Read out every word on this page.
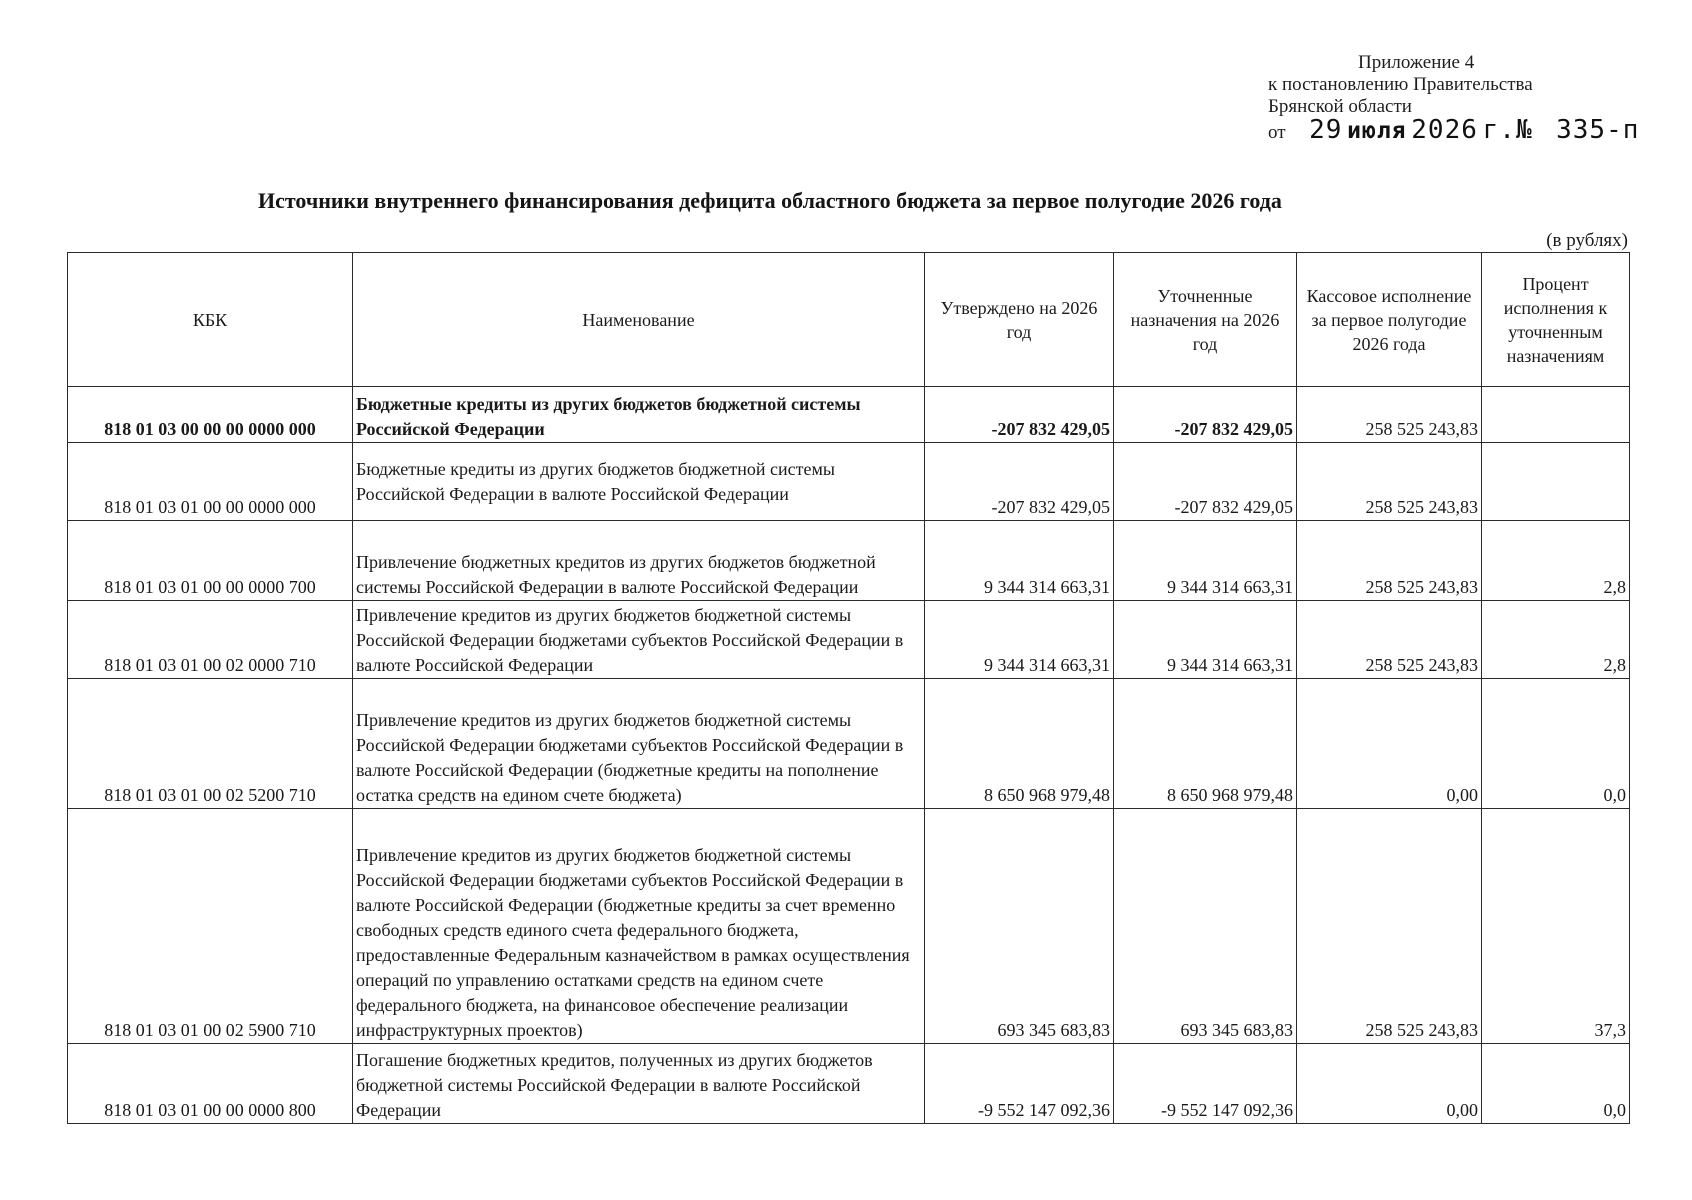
Приложение 4
к постановлению Правительства
Брянской области
от 29 июля 2026 г.№ 335-п
Источники внутреннего финансирования дефицита областного бюджета за первое полугодие 2026 года
(в рублях)
КБК	Наименование	Утверждено на 2026 год	Уточненные назначения на 2026 год	Кассовое исполнение за первое полугодие 2026 года	Процент исполнения к уточненным назначениям
818 01 03 00 00 00 0000 000	Бюджетные кредиты из других бюджетов бюджетной системы Российской Федерации	-207 832 429,05	-207 832 429,05	258 525 243,83	
818 01 03 01 00 00 0000 000	Бюджетные кредиты из других бюджетов бюджетной системы Российской Федерации в валюте Российской Федерации	-207 832 429,05	-207 832 429,05	258 525 243,83	
818 01 03 01 00 00 0000 700	Привлечение бюджетных кредитов из других бюджетов бюджетной системы Российской Федерации в валюте Российской Федерации	9 344 314 663,31	9 344 314 663,31	258 525 243,83	2,8
818 01 03 01 00 02 0000 710	Привлечение кредитов из других бюджетов бюджетной системы Российской Федерации бюджетами субъектов Российской Федерации в валюте Российской Федерации	9 344 314 663,31	9 344 314 663,31	258 525 243,83	2,8
818 01 03 01 00 02 5200 710	Привлечение кредитов из других бюджетов бюджетной системы Российской Федерации бюджетами субъектов Российской Федерации в валюте Российской Федерации (бюджетные кредиты на пополнение остатка средств на едином счете бюджета)	8 650 968 979,48	8 650 968 979,48	0,00	0,0
818 01 03 01 00 02 5900 710	Привлечение кредитов из других бюджетов бюджетной системы Российской Федерации бюджетами субъектов Российской Федерации в валюте Российской Федерации (бюджетные кредиты за счет временно свободных средств единого счета федерального бюджета, предоставленные Федеральным казначейством в рамках осуществления операций по управлению остатками средств на едином счете федерального бюджета, на финансовое обеспечение реализации инфраструктурных проектов)	693 345 683,83	693 345 683,83	258 525 243,83	37,3
818 01 03 01 00 00 0000 800	Погашение бюджетных кредитов, полученных из других бюджетов бюджетной системы Российской Федерации в валюте Российской Федерации	-9 552 147 092,36	-9 552 147 092,36	0,00	0,0
